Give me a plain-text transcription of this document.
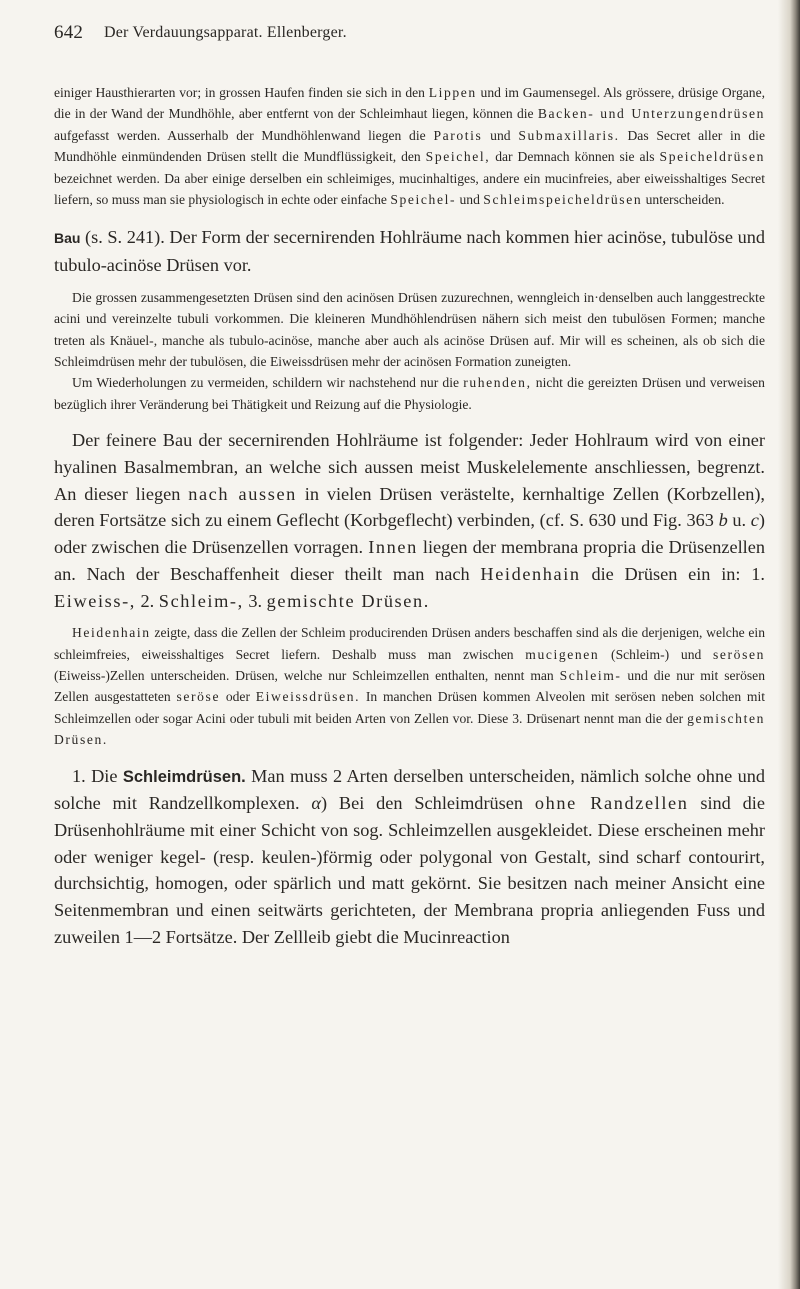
642 Der Verdauungsapparat. Ellenberger.

einiger Hausthierarten vor; in grossen Haufen finden sie sich in den Lippen und im Gaumensegel. Als grössere, drüsige Organe, die in der Wand der Mundhöhle, aber entfernt von der Schleimhaut liegen, können die Backen- und Unterzungendrüsen aufgefasst werden. Ausserhalb der Mundhöhlenwand liegen die Parotis und Submaxillaris. Das Secret aller in die Mundhöhle einmündenden Drüsen stellt die Mundflüssigkeit, den Speichel, dar Demnach können sie als Speicheldrüsen bezeichnet werden. Da aber einige derselben ein schleimiges, mucinhaltiges, andere ein mucinfreies, aber eiweisshaltiges Secret liefern, so muss man sie physiologisch in echte oder einfache Speichel- und Schleimspeicheldrüsen unterscheiden.

Bau (s. S. 241). Der Form der secernirenden Hohlräume nach kommen hier acinöse, tubulöse und tubulo-acinöse Drüsen vor.

Die grossen zusammengesetzten Drüsen sind den acinösen Drüsen zuzurechnen, wenngleich in·denselben auch langgestreckte acini und vereinzelte tubuli vorkommen. Die kleineren Mundhöhlendrüsen nähern sich meist den tubulösen Formen; manche treten als Knäuel-, manche als tubulo-acinöse, manche aber auch als acinöse Drüsen auf. Mir will es scheinen, als ob sich die Schleimdrüsen mehr der tubulösen, die Eiweissdrüsen mehr der acinösen Formation zuneigten.

Um Wiederholungen zu vermeiden, schildern wir nachstehend nur die ruhenden, nicht die gereizten Drüsen und verweisen bezüglich ihrer Veränderung bei Thätigkeit und Reizung auf die Physiologie.

Der feinere Bau der secernirenden Hohlräume ist folgender: Jeder Hohlraum wird von einer hyalinen Basalmembran, an welche sich aussen meist Muskelelemente anschliessen, begrenzt. An dieser liegen nach aussen in vielen Drüsen verästelte, kernhaltige Zellen (Korbzellen), deren Fortsätze sich zu einem Geflecht (Korbgeflecht) verbinden, (cf. S. 630 und Fig. 363 b u. c) oder zwischen die Drüsenzellen vorragen. Innen liegen der membrana propria die Drüsenzellen an. Nach der Beschaffenheit dieser theilt man nach Heidenhain die Drüsen ein in: 1. Eiweiss-, 2. Schleim-, 3. gemischte Drüsen.

Heidenhain zeigte, dass die Zellen der Schleim producirenden Drüsen anders beschaffen sind als die derjenigen, welche ein schleimfreies, eiweisshaltiges Secret liefern. Deshalb muss man zwischen mucigenen (Schleim-) und serösen (Eiweiss-)Zellen unterscheiden. Drüsen, welche nur Schleimzellen enthalten, nennt man Schleim- und die nur mit serösen Zellen ausgestatteten seröse oder Eiweissdrüsen. In manchen Drüsen kommen Alveolen mit serösen neben solchen mit Schleimzellen oder sogar Acini oder tubuli mit beiden Arten von Zellen vor. Diese 3. Drüsenart nennt man die der gemischten Drüsen.

1. Die Schleimdrüsen. Man muss 2 Arten derselben unterscheiden, nämlich solche ohne und solche mit Randzellkomplexen. α) Bei den Schleimdrüsen ohne Randzellen sind die Drüsenhohlräume mit einer Schicht von sog. Schleimzellen ausgekleidet. Diese erscheinen mehr oder weniger kegel- (resp. keulen-)förmig oder polygonal von Gestalt, sind scharf contourirt, durchsichtig, homogen, oder spärlich und matt gekörnt. Sie besitzen nach meiner Ansicht eine Seitenmembran und einen seitwärts gerichteten, der Membrana propria anliegenden Fuss und zuweilen 1—2 Fortsätze. Der Zellleib giebt die Mucinreaction
